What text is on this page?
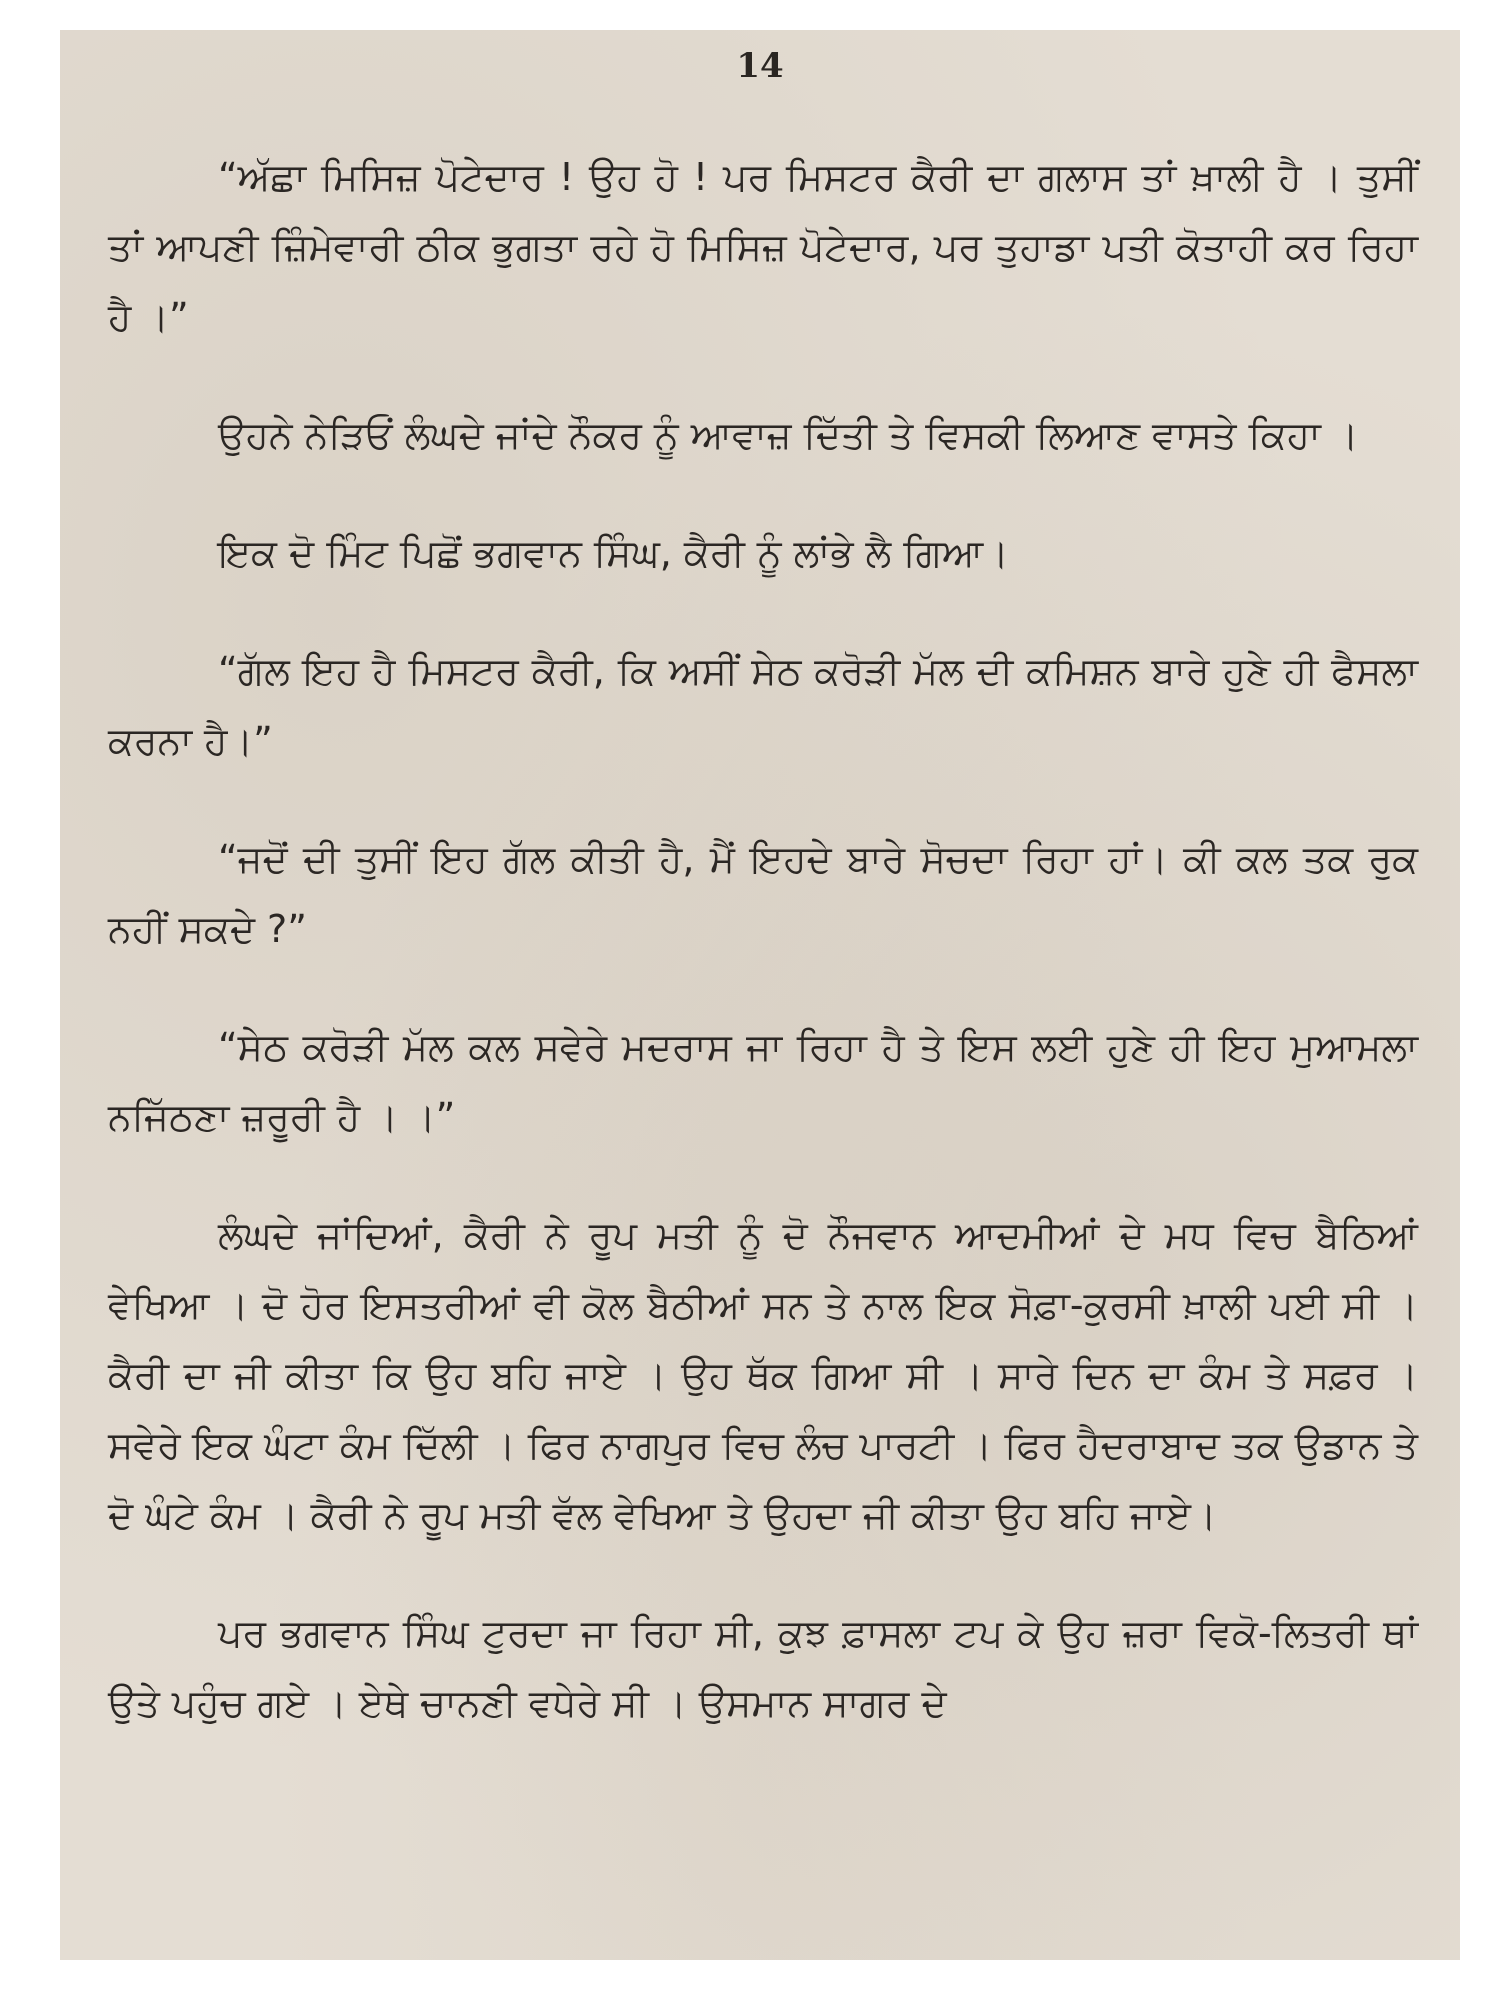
14

“ਅੱਛਾ ਮਿਸਿਜ਼ ਪੋਟੇਦਾਰ ! ਉਹ ਹੋ ! ਪਰ ਮਿਸਟਰ ਕੈਰੀ ਦਾ ਗਲਾਸ ਤਾਂ ਖ਼ਾਲੀ ਹੈ । ਤੁਸੀਂ ਤਾਂ ਆਪਣੀ ਜ਼ਿੰਮੇਵਾਰੀ ਠੀਕ ਭੁਗਤਾ ਰਹੇ ਹੋ ਮਿਸਿਜ਼ ਪੋਟੇਦਾਰ, ਪਰ ਤੁਹਾਡਾ ਪਤੀ ਕੋਤਾਹੀ ਕਰ ਰਿਹਾ ਹੈ ।”

ਉਹਨੇ ਨੇੜਿਓਂ ਲੰਘਦੇ ਜਾਂਦੇ ਨੌਕਰ ਨੂੰ ਆਵਾਜ਼ ਦਿੱਤੀ ਤੇ ਵਿਸਕੀ ਲਿਆਣ ਵਾਸਤੇ ਕਿਹਾ ।

ਇਕ ਦੋ ਮਿੰਟ ਪਿਛੋਂ ਭਗਵਾਨ ਸਿੰਘ, ਕੈਰੀ ਨੂੰ ਲਾਂਭੇ ਲੈ ਗਿਆ।

“ਗੱਲ ਇਹ ਹੈ ਮਿਸਟਰ ਕੈਰੀ, ਕਿ ਅਸੀਂ ਸੇਠ ਕਰੋੜੀ ਮੱਲ ਦੀ ਕਮਿਸ਼ਨ ਬਾਰੇ ਹੁਣੇ ਹੀ ਫੈਸਲਾ ਕਰਨਾ ਹੈ।”

“ਜਦੋਂ ਦੀ ਤੁਸੀਂ ਇਹ ਗੱਲ ਕੀਤੀ ਹੈ, ਮੈਂ ਇਹਦੇ ਬਾਰੇ ਸੋਚਦਾ ਰਿਹਾ ਹਾਂ। ਕੀ ਕਲ ਤਕ ਰੁਕ ਨਹੀਂ ਸਕਦੇ ?”

“ਸੇਠ ਕਰੋੜੀ ਮੱਲ ਕਲ ਸਵੇਰੇ ਮਦਰਾਸ ਜਾ ਰਿਹਾ ਹੈ ਤੇ ਇਸ ਲਈ ਹੁਣੇ ਹੀ ਇਹ ਮੁਆਮਲਾ ਨਜਿੱਠਣਾ ਜ਼ਰੂਰੀ ਹੈ । ।”

ਲੰਘਦੇ ਜਾਂਦਿਆਂ, ਕੈਰੀ ਨੇ ਰੂਪ ਮਤੀ ਨੂੰ ਦੋ ਨੌਜਵਾਨ ਆਦਮੀਆਂ ਦੇ ਮਧ ਵਿਚ ਬੈਠਿਆਂ ਵੇਖਿਆ । ਦੋ ਹੋਰ ਇਸਤਰੀਆਂ ਵੀ ਕੋਲ ਬੈਠੀਆਂ ਸਨ ਤੇ ਨਾਲ ਇਕ ਸੋਫ਼ਾ-ਕੁਰਸੀ ਖ਼ਾਲੀ ਪਈ ਸੀ । ਕੈਰੀ ਦਾ ਜੀ ਕੀਤਾ ਕਿ ਉਹ ਬਹਿ ਜਾਏ । ਉਹ ਥੱਕ ਗਿਆ ਸੀ । ਸਾਰੇ ਦਿਨ ਦਾ ਕੰਮ ਤੇ ਸਫ਼ਰ । ਸਵੇਰੇ ਇਕ ਘੰਟਾ ਕੰਮ ਦਿੱਲੀ । ਫਿਰ ਨਾਗਪੁਰ ਵਿਚ ਲੰਚ ਪਾਰਟੀ । ਫਿਰ ਹੈਦਰਾਬਾਦ ਤਕ ਉਡਾਨ ਤੇ ਦੋ ਘੰਟੇ ਕੰਮ । ਕੈਰੀ ਨੇ ਰੂਪ ਮਤੀ ਵੱਲ ਵੇਖਿਆ ਤੇ ਉਹਦਾ ਜੀ ਕੀਤਾ ਉਹ ਬਹਿ ਜਾਏ।

ਪਰ ਭਗਵਾਨ ਸਿੰਘ ਟੁਰਦਾ ਜਾ ਰਿਹਾ ਸੀ, ਕੁਝ ਫ਼ਾਸਲਾ ਟਪ ਕੇ ਉਹ ਜ਼ਰਾ ਵਿਕੋ-ਲਿਤਰੀ ਥਾਂ ਉਤੇ ਪਹੁੰਚ ਗਏ । ਏਥੇ ਚਾਨਣੀ ਵਧੇਰੇ ਸੀ । ਉਸਮਾਨ ਸਾਗਰ ਦੇ
